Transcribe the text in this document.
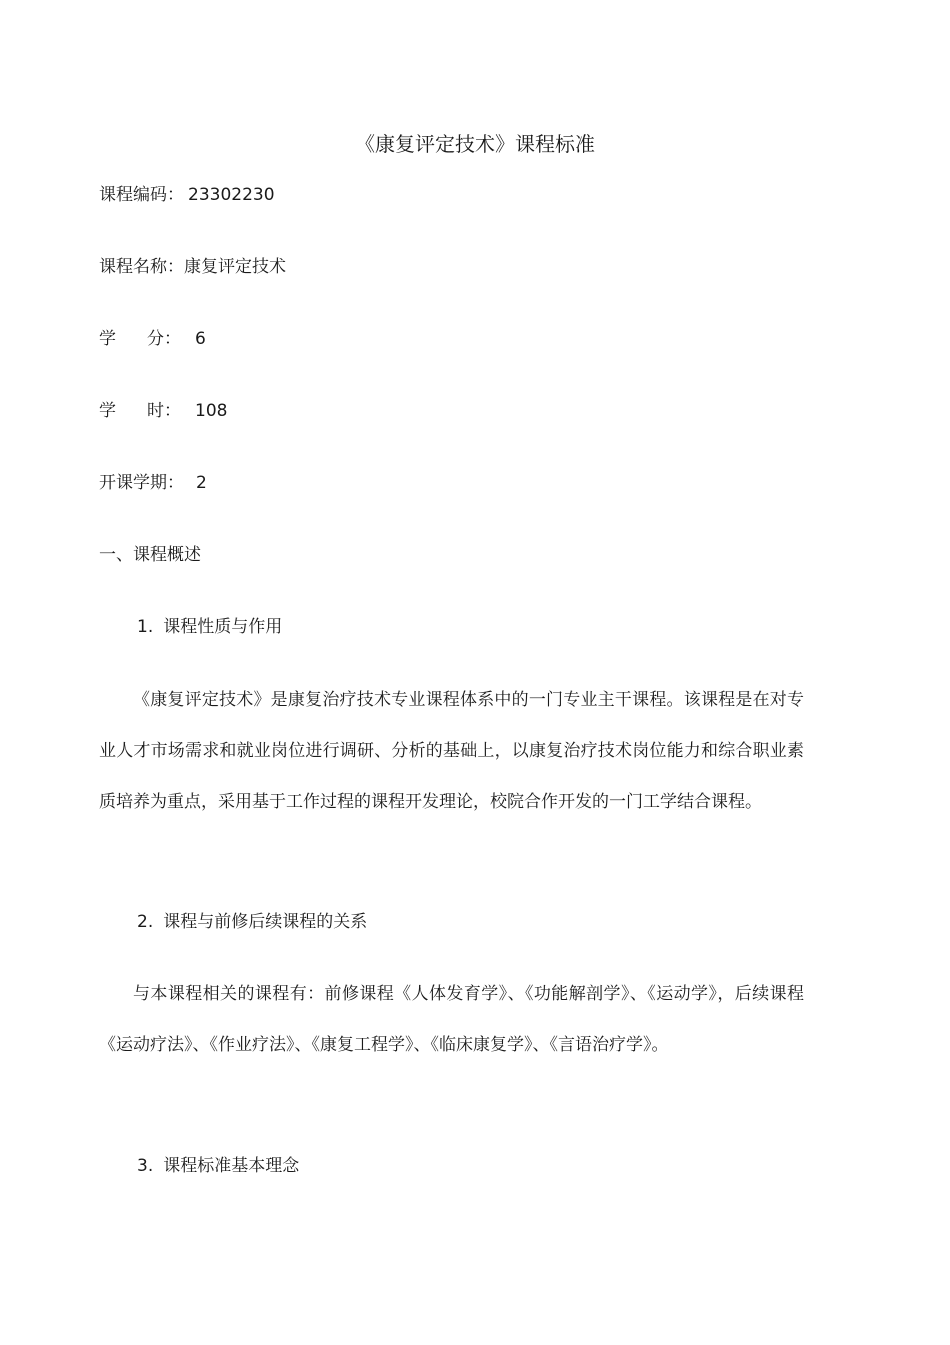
《康复评定技术》课程标准
课程编码： 23302230
课程名称：康复评定技术
学 分： 6
学 时： 108
开课学期： 2
一、课程概述
1. 课程性质与作用

《康复评定技术》是康复治疗技术专业课程体系中的一门专业主干课程。该课程是在对专业人才市场需求和就业岗位进行调研、分析的基础上，以康复治疗技术岗位能力和综合职业素质培养为重点，采用基于工作过程的课程开发理论，校院合作开发的一门工学结合课程。

2. 课程与前修后续课程的关系

与本课程相关的课程有：前修课程《人体发育学》、《功能解剖学》、《运动学》，后续课程《运动疗法》、《作业疗法》、《康复工程学》、《临床康复学》、《言语治疗学》。

3. 课程标准基本理念
